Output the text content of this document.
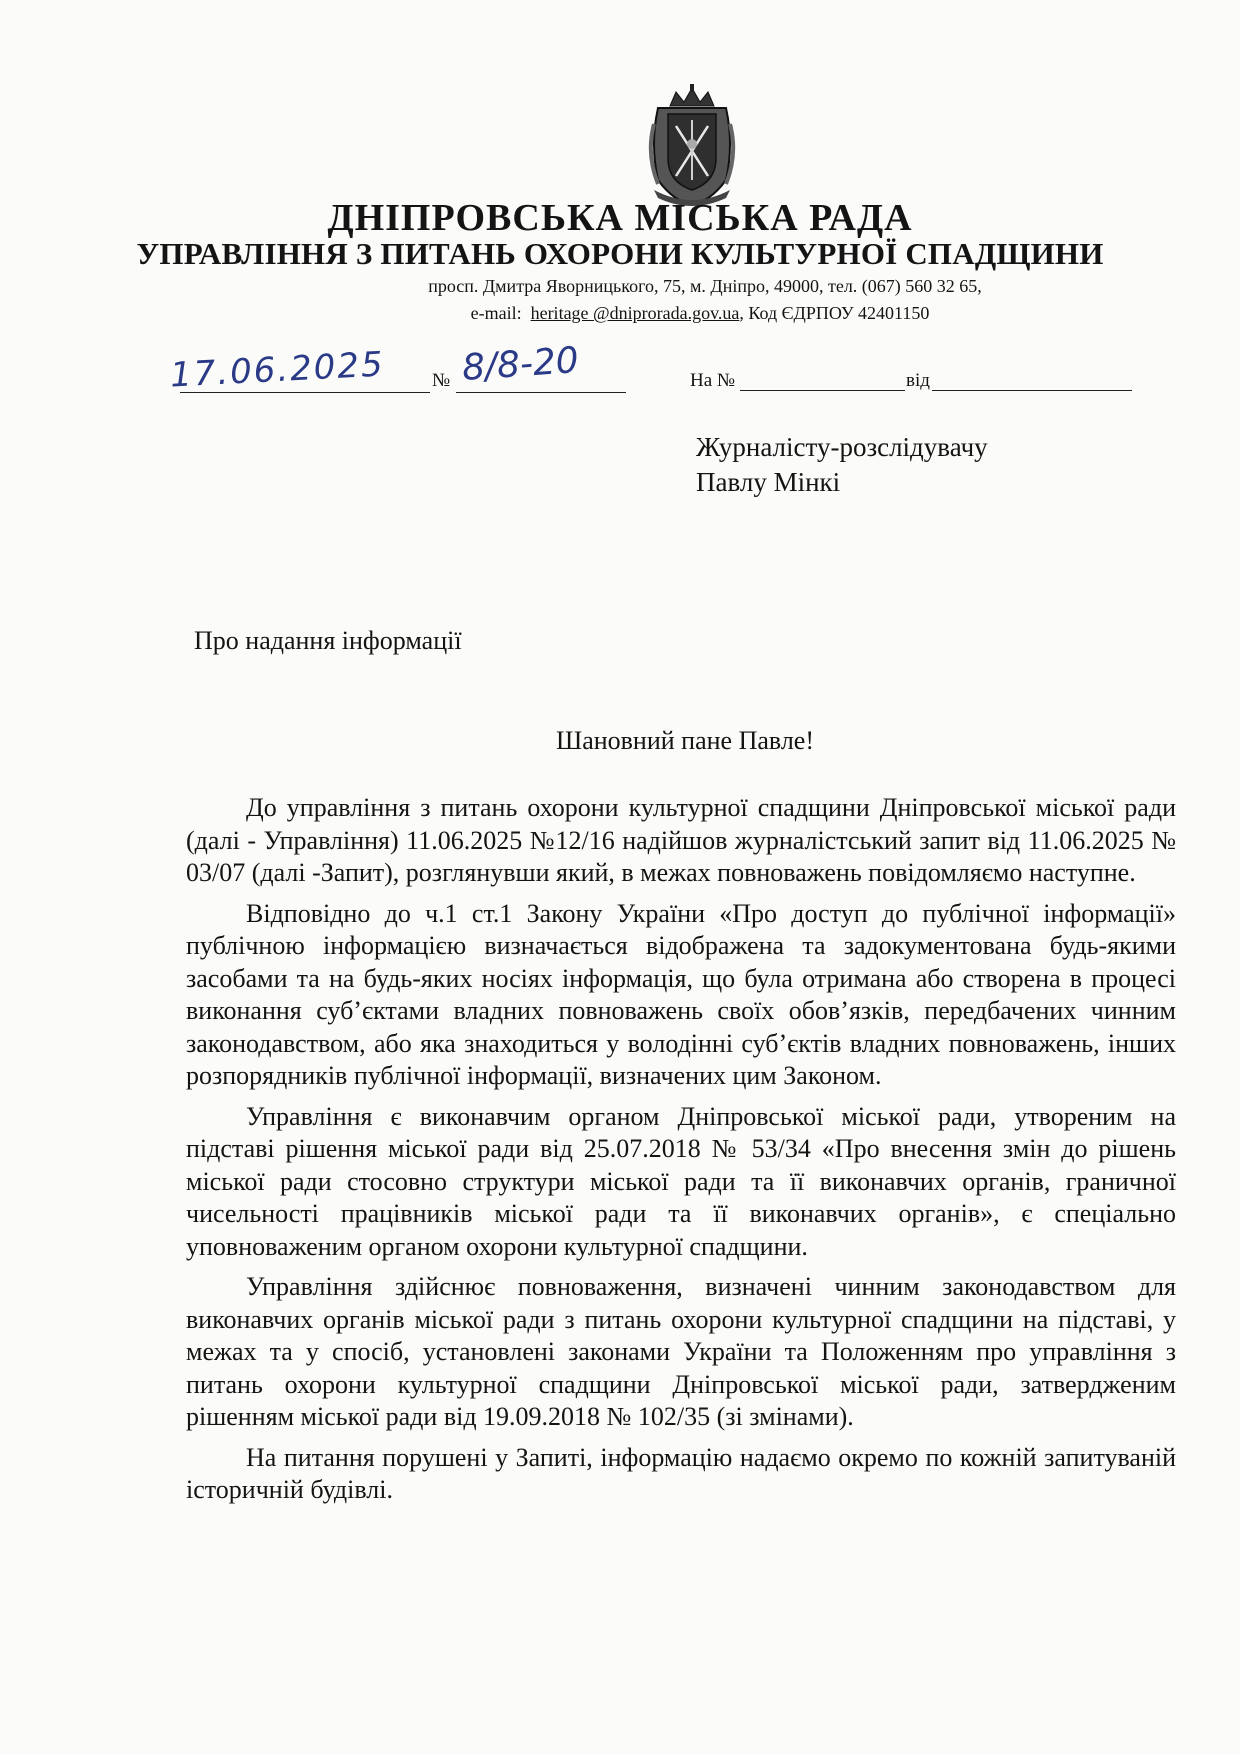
ДНІПРОВСЬКА МІСЬКА РАДА
УПРАВЛІННЯ З ПИТАНЬ ОХОРОНИ КУЛЬТУРНОЇ СПАДЩИНИ
просп. Дмитра Яворницького, 75, м. Дніпро, 49000, тел. (067) 560 32 65,
e-mail: heritage @dniprorada.gov.ua, Код ЄДРПОУ 42401150
17.06.2025 № 8/8-20	На №	від
Журналісту-розслідувачу
Павлу Мінкі
Про надання інформації
Шановний пане Павле!

До управління з питань охорони культурної спадщини Дніпровської міської ради (далі - Управління) 11.06.2025 №12/16 надійшов журналістський запит від 11.06.2025 № 03/07 (далі -Запит), розглянувши який, в межах повноважень повідомляємо наступне.

Відповідно до ч.1 ст.1 Закону України «Про доступ до публічної інформації» публічною інформацією визначається відображена та задокументована будь-якими засобами та на будь-яких носіях інформація, що була отримана або створена в процесі виконання суб’єктами владних повноважень своїх обов’язків, передбачених чинним законодавством, або яка знаходиться у володінні суб’єктів владних повноважень, інших розпорядників публічної інформації, визначених цим Законом.

Управління є виконавчим органом Дніпровської міської ради, утвореним на підставі рішення міської ради від 25.07.2018 № 53/34 «Про внесення змін до рішень міської ради стосовно структури міської ради та її виконавчих органів, граничної чисельності працівників міської ради та її виконавчих органів», є спеціально уповноваженим органом охорони культурної спадщини.

Управління здійснює повноваження, визначені чинним законодавством для виконавчих органів міської ради з питань охорони культурної спадщини на підставі, у межах та у спосіб, установлені законами України та Положенням про управління з питань охорони культурної спадщини Дніпровської міської ради, затвердженим рішенням міської ради від 19.09.2018 № 102/35 (зі змінами).

На питання порушені у Запиті, інформацію надаємо окремо по кожній запитуваній історичній будівлі.
